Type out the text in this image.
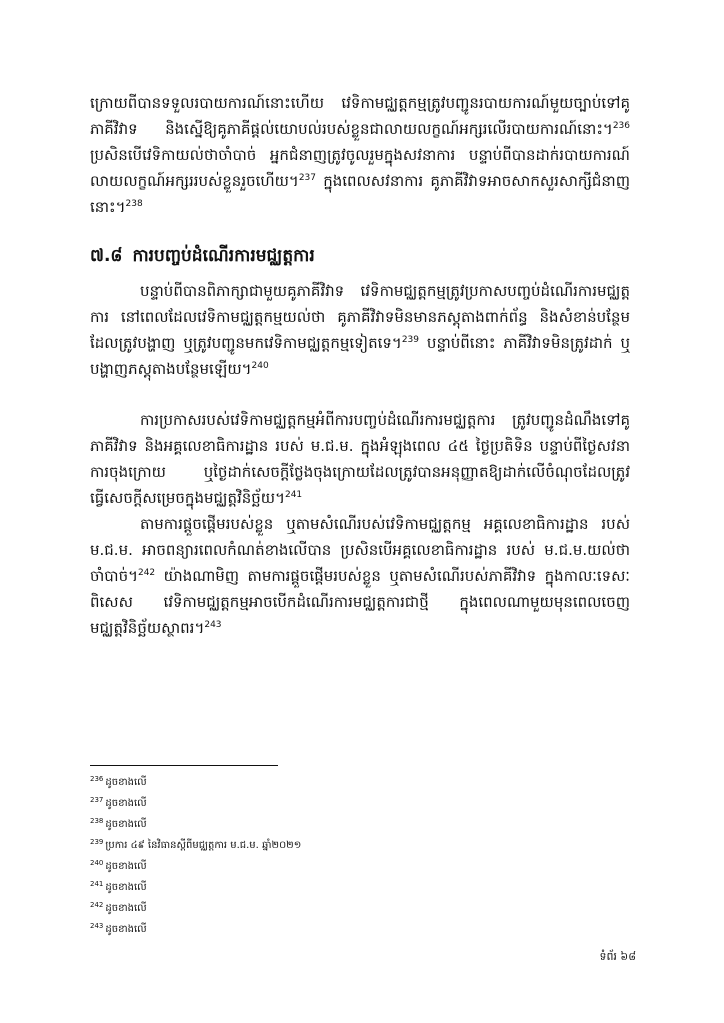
ក្រោយពីបានទទួលរបាយការណ៍នោះហើយ វេទិកាមជ្ឈត្តកម្មត្រូវបញ្ជូនរបាយការណ៍មួយច្បាប់ទៅគូភាគីវិវាទ និងស្នើឱ្យគូភាគីផ្តល់យោបល់របស់ខ្លួនជាលាយលក្ខណ៍អក្សរលើរបាយការណ៍នោះ។$^{236}$ ប្រសិនបើវេទិកាយល់ថាចាំបាច់ អ្នកជំនាញត្រូវចូលរួមក្នុងសវនាការ បន្ទាប់ពីបានដាក់របាយការណ៍លាយលក្ខណ៍អក្សររបស់ខ្លួនរួចហើយ។$^{237}$ ក្នុងពេលសវនាការ គូភាគីវិវាទអាចសាកសួរសាក្សីជំនាញនោះ។$^{238}$

៧.៨ ការបញ្ចប់ដំណើរការមជ្ឈត្តការ

បន្ទាប់ពីបានពិភាក្សាជាមួយគូភាគីវិវាទ វេទិកាមជ្ឈត្តកម្មត្រូវប្រកាសបញ្ចប់ដំណើរការមជ្ឈត្តការ នៅពេលដែលវេទិកាមជ្ឈត្តកម្មយល់ថា គូភាគីវិវាទមិនមានភស្តុតាងពាក់ព័ន្ធ និងសំខាន់បន្ថែមដែលត្រូវបង្ហាញ ឬត្រូវបញ្ជូនមកវេទិកាមជ្ឈត្តកម្មទៀតទេ។$^{239}$ បន្ទាប់ពីនោះ ភាគីវិវាទមិនត្រូវដាក់ ឬបង្ហាញភស្តុតាងបន្ថែមឡើយ។$^{240}$

ការប្រកាសរបស់វេទិកាមជ្ឈត្តកម្មអំពីការបញ្ចប់ដំណើរការមជ្ឈត្តការ ត្រូវបញ្ជូនដំណឹងទៅគូភាគីវិវាទ និងអគ្គលេខាធិការដ្ឋាន របស់ ម.ជ.ម. ក្នុងអំឡុងពេល ៤៥ ថ្ងៃប្រតិទិន បន្ទាប់ពីថ្ងៃសវនាការចុងក្រោយ ឬថ្ងៃដាក់សេចក្តីថ្លែងចុងក្រោយដែលត្រូវបានអនុញ្ញាតឱ្យដាក់លើចំណុចដែលត្រូវធ្វើសេចក្តីសម្រេចក្នុងមជ្ឈត្តវិនិច្ឆ័យ។$^{241}$

តាមការផ្តួចផ្តើមរបស់ខ្លួន ឬតាមសំណើរបស់វេទិកាមជ្ឈត្តកម្ម អគ្គលេខាធិការដ្ឋាន របស់ ម.ជ.ម. អាចពន្យារពេលកំណត់ខាងលើបាន ប្រសិនបើអគ្គលេខាធិការដ្ឋាន របស់ ម.ជ.ម.យល់ថាចាំបាច់។$^{242}$ យ៉ាងណាមិញ តាមការផ្តួចផ្តើមរបស់ខ្លួន ឬតាមសំណើរបស់ភាគីវិវាទ ក្នុងកាលៈទេសៈពិសេស វេទិកាមជ្ឈត្តកម្មអាចបើកដំណើរការមជ្ឈត្តការជាថ្មី ក្នុងពេលណាមួយមុនពេលចេញមជ្ឈត្តវិនិច្ឆ័យស្ថាពរ។$^{243}$

$^{236}$ ដូចខាងលើ
$^{237}$ ដូចខាងលើ
$^{238}$ ដូចខាងលើ
$^{239}$ ប្រការ ៤៩ នៃវិធានស្តីពីមជ្ឈត្តការ ម.ជ.ម. ឆ្នាំ២០២១
$^{240}$ ដូចខាងលើ
$^{241}$ ដូចខាងលើ
$^{242}$ ដូចខាងលើ
$^{243}$ ដូចខាងលើ

ទំព័រ ៦៨
